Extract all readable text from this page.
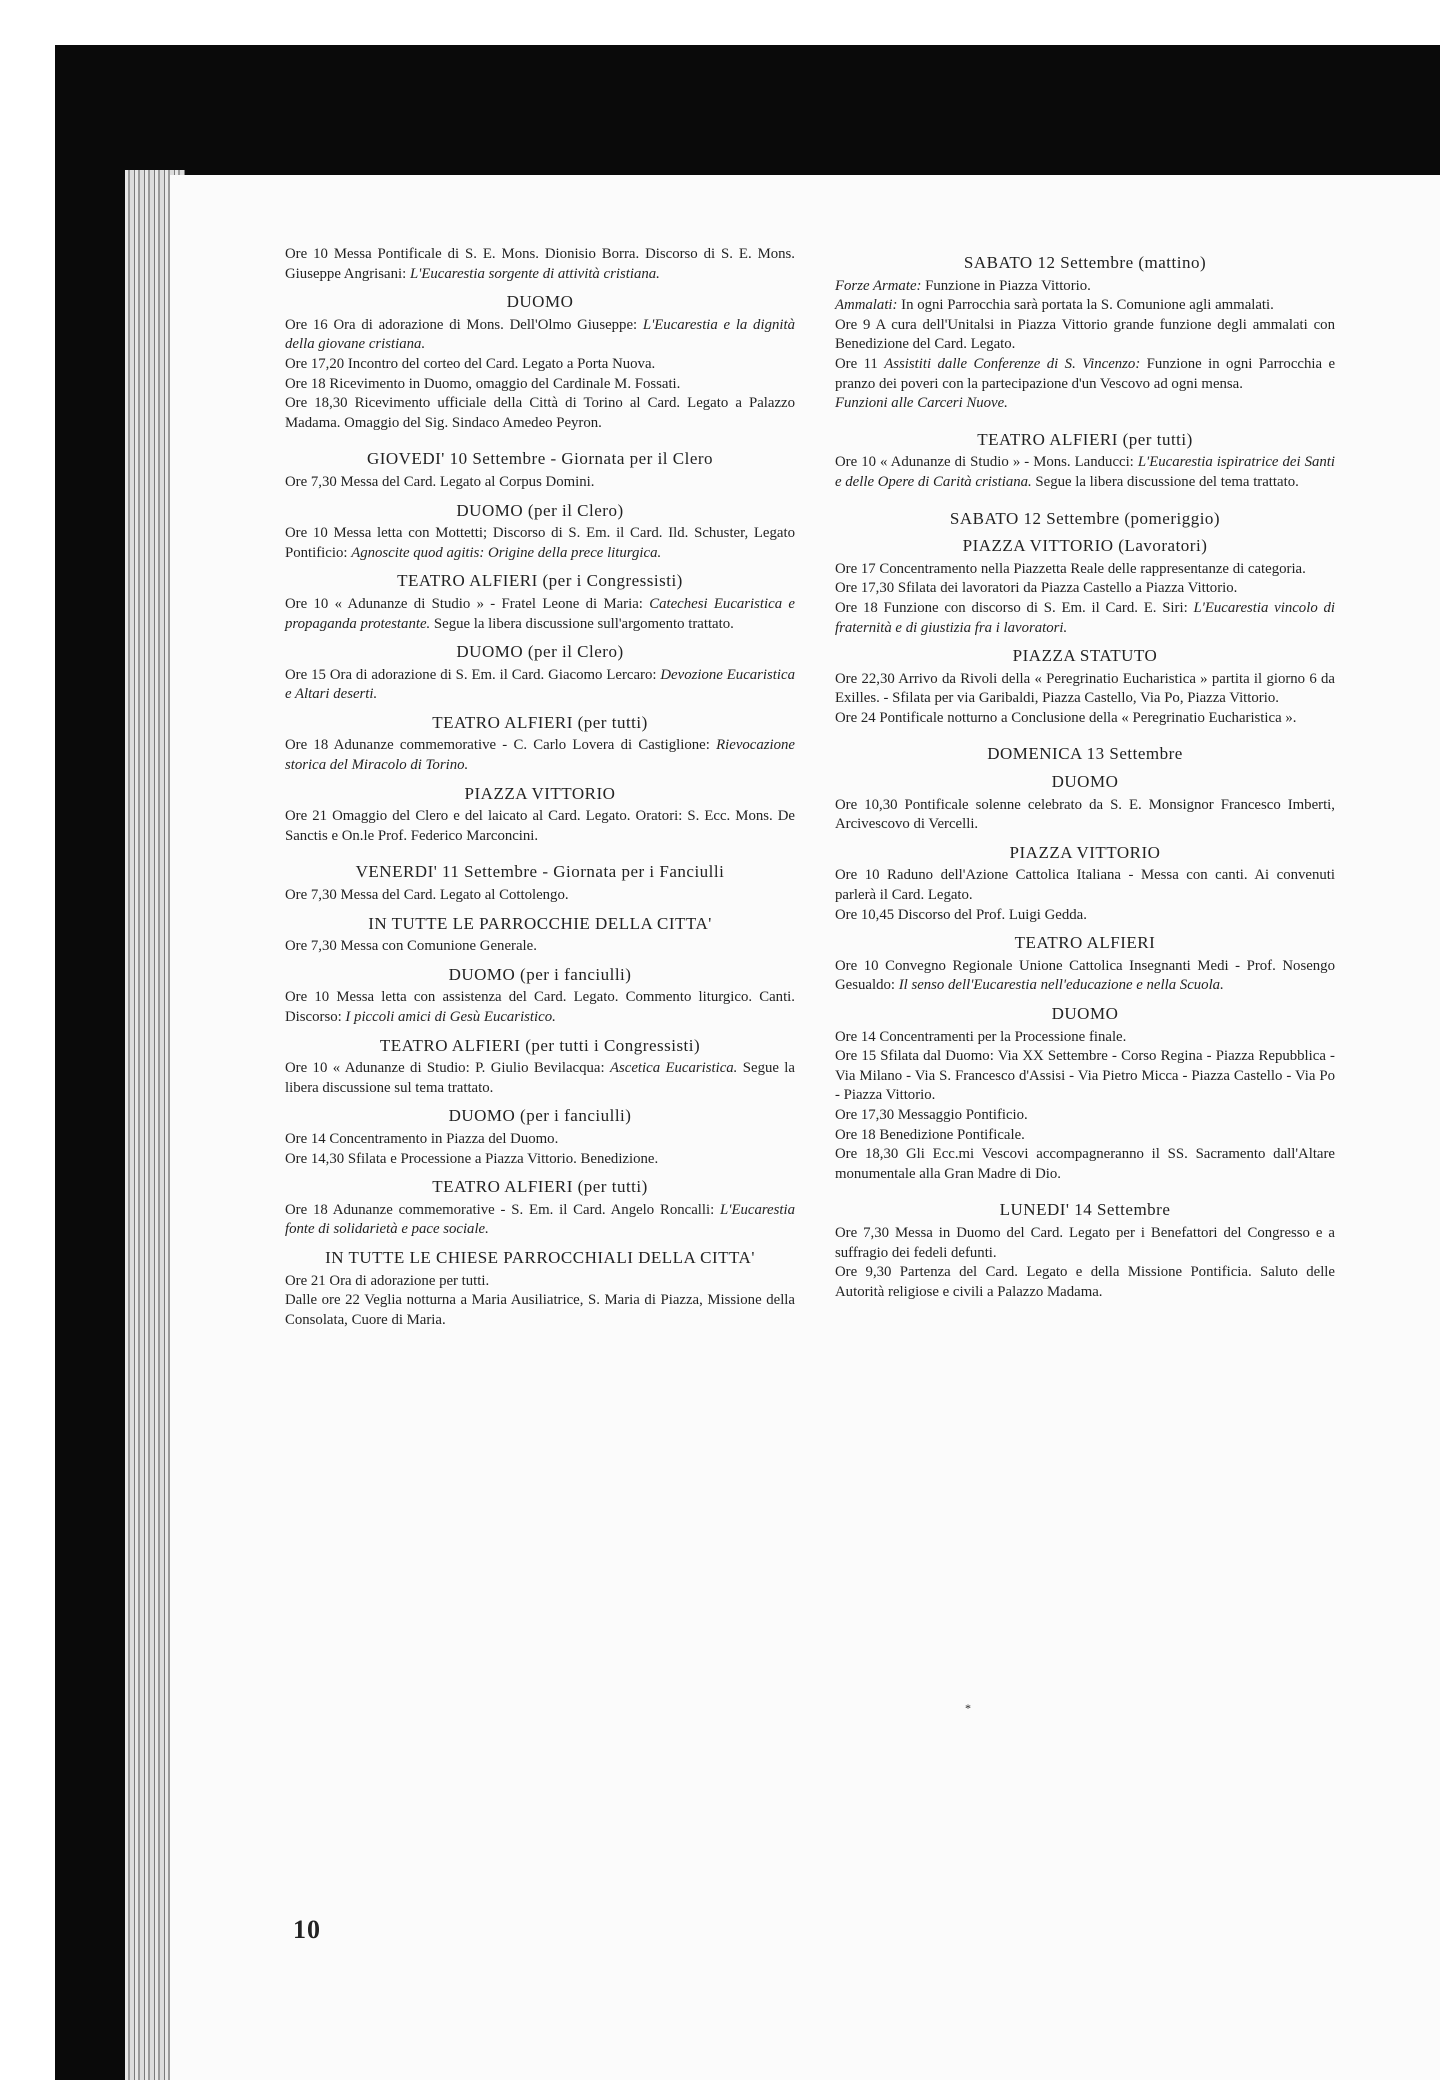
Ore 10 Messa Pontificale di S. E. Mons. Dionisio Borra. Discorso di S. E. Mons. Giuseppe Angrisani: L'Eucarestia sorgente di attività cristiana.

DUOMO

Ore 16 Ora di adorazione di Mons. Dell'Olmo Giuseppe: L'Eucarestia e la dignità della giovane cristiana.

Ore 17,20 Incontro del corteo del Card. Legato a Porta Nuova.

Ore 18 Ricevimento in Duomo, omaggio del Cardinale M. Fossati.

Ore 18,30 Ricevimento ufficiale della Città di Torino al Card. Legato a Palazzo Madama. Omaggio del Sig. Sindaco Amedeo Peyron.

GIOVEDI' 10 Settembre - Giornata per il Clero

Ore 7,30 Messa del Card. Legato al Corpus Domini.

DUOMO (per il Clero)

Ore 10 Messa letta con Mottetti; Discorso di S. Em. il Card. Ild. Schuster, Legato Pontificio: Agnoscite quod agitis: Origine della prece liturgica.

TEATRO ALFIERI (per i Congressisti)

Ore 10 « Adunanze di Studio » - Fratel Leone di Maria: Catechesi Eucaristica e propaganda protestante. Segue la libera discussione sull'argomento trattato.

DUOMO (per il Clero)

Ore 15 Ora di adorazione di S. Em. il Card. Giacomo Lercaro: Devozione Eucaristica e Altari deserti.

TEATRO ALFIERI (per tutti)

Ore 18 Adunanze commemorative - C. Carlo Lovera di Castiglione: Rievocazione storica del Miracolo di Torino.

PIAZZA VITTORIO

Ore 21 Omaggio del Clero e del laicato al Card. Legato. Oratori: S. Ecc. Mons. De Sanctis e On.le Prof. Federico Marconcini.

VENERDI' 11 Settembre - Giornata per i Fanciulli

Ore 7,30 Messa del Card. Legato al Cottolengo.

IN TUTTE LE PARROCCHIE DELLA CITTA'

Ore 7,30 Messa con Comunione Generale.

DUOMO (per i fanciulli)

Ore 10 Messa letta con assistenza del Card. Legato. Commento liturgico. Canti. Discorso: I piccoli amici di Gesù Eucaristico.

TEATRO ALFIERI (per tutti i Congressisti)

Ore 10 « Adunanze di Studio: P. Giulio Bevilacqua: Ascetica Eucaristica. Segue la libera discussione sul tema trattato.

DUOMO (per i fanciulli)

Ore 14 Concentramento in Piazza del Duomo.

Ore 14,30 Sfilata e Processione a Piazza Vittorio. Benedizione.

TEATRO ALFIERI (per tutti)

Ore 18 Adunanze commemorative - S. Em. il Card. Angelo Roncalli: L'Eucarestia fonte di solidarietà e pace sociale.

IN TUTTE LE CHIESE PARROCCHIALI DELLA CITTA'

Ore 21 Ora di adorazione per tutti.

Dalle ore 22 Veglia notturna a Maria Ausiliatrice, S. Maria di Piazza, Missione della Consolata, Cuore di Maria.

SABATO 12 Settembre (mattino)

Forze Armate: Funzione in Piazza Vittorio.

Ammalati: In ogni Parrocchia sarà portata la S. Comunione agli ammalati.

Ore 9 A cura dell'Unitalsi in Piazza Vittorio grande funzione degli ammalati con Benedizione del Card. Legato.

Ore 11 Assistiti dalle Conferenze di S. Vincenzo: Funzione in ogni Parrocchia e pranzo dei poveri con la partecipazione d'un Vescovo ad ogni mensa.

Funzioni alle Carceri Nuove.

TEATRO ALFIERI (per tutti)

Ore 10 « Adunanze di Studio » - Mons. Landucci: L'Eucarestia ispiratrice dei Santi e delle Opere di Carità cristiana. Segue la libera discussione del tema trattato.

SABATO 12 Settembre (pomeriggio)
PIAZZA VITTORIO (Lavoratori)

Ore 17 Concentramento nella Piazzetta Reale delle rappresentanze di categoria.

Ore 17,30 Sfilata dei lavoratori da Piazza Castello a Piazza Vittorio.

Ore 18 Funzione con discorso di S. Em. il Card. E. Siri: L'Eucarestia vincolo di fraternità e di giustizia fra i lavoratori.

PIAZZA STATUTO

Ore 22,30 Arrivo da Rivoli della « Peregrinatio Eucharistica » partita il giorno 6 da Exilles. - Sfilata per via Garibaldi, Piazza Castello, Via Po, Piazza Vittorio.

Ore 24 Pontificale notturno a Conclusione della « Peregrinatio Eucharistica ».

DOMENICA 13 Settembre
DUOMO

Ore 10,30 Pontificale solenne celebrato da S. E. Monsignor Francesco Imberti, Arcivescovo di Vercelli.

PIAZZA VITTORIO

Ore 10 Raduno dell'Azione Cattolica Italiana - Messa con canti. Ai convenuti parlerà il Card. Legato.

Ore 10,45 Discorso del Prof. Luigi Gedda.

TEATRO ALFIERI

Ore 10 Convegno Regionale Unione Cattolica Insegnanti Medi - Prof. Nosengo Gesualdo: Il senso dell'Eucarestia nell'educazione e nella Scuola.

DUOMO

Ore 14 Concentramenti per la Processione finale.

Ore 15 Sfilata dal Duomo: Via XX Settembre - Corso Regina - Piazza Repubblica - Via Milano - Via S. Francesco d'Assisi - Via Pietro Micca - Piazza Castello - Via Po - Piazza Vittorio.

Ore 17,30 Messaggio Pontificio.

Ore 18 Benedizione Pontificale.

Ore 18,30 Gli Ecc.mi Vescovi accompagneranno il SS. Sacramento dall'Altare monumentale alla Gran Madre di Dio.

LUNEDI' 14 Settembre

Ore 7,30 Messa in Duomo del Card. Legato per i Benefattori del Congresso e a suffragio dei fedeli defunti.

Ore 9,30 Partenza del Card. Legato e della Missione Pontificia. Saluto delle Autorità religiose e civili a Palazzo Madama.

*
10
